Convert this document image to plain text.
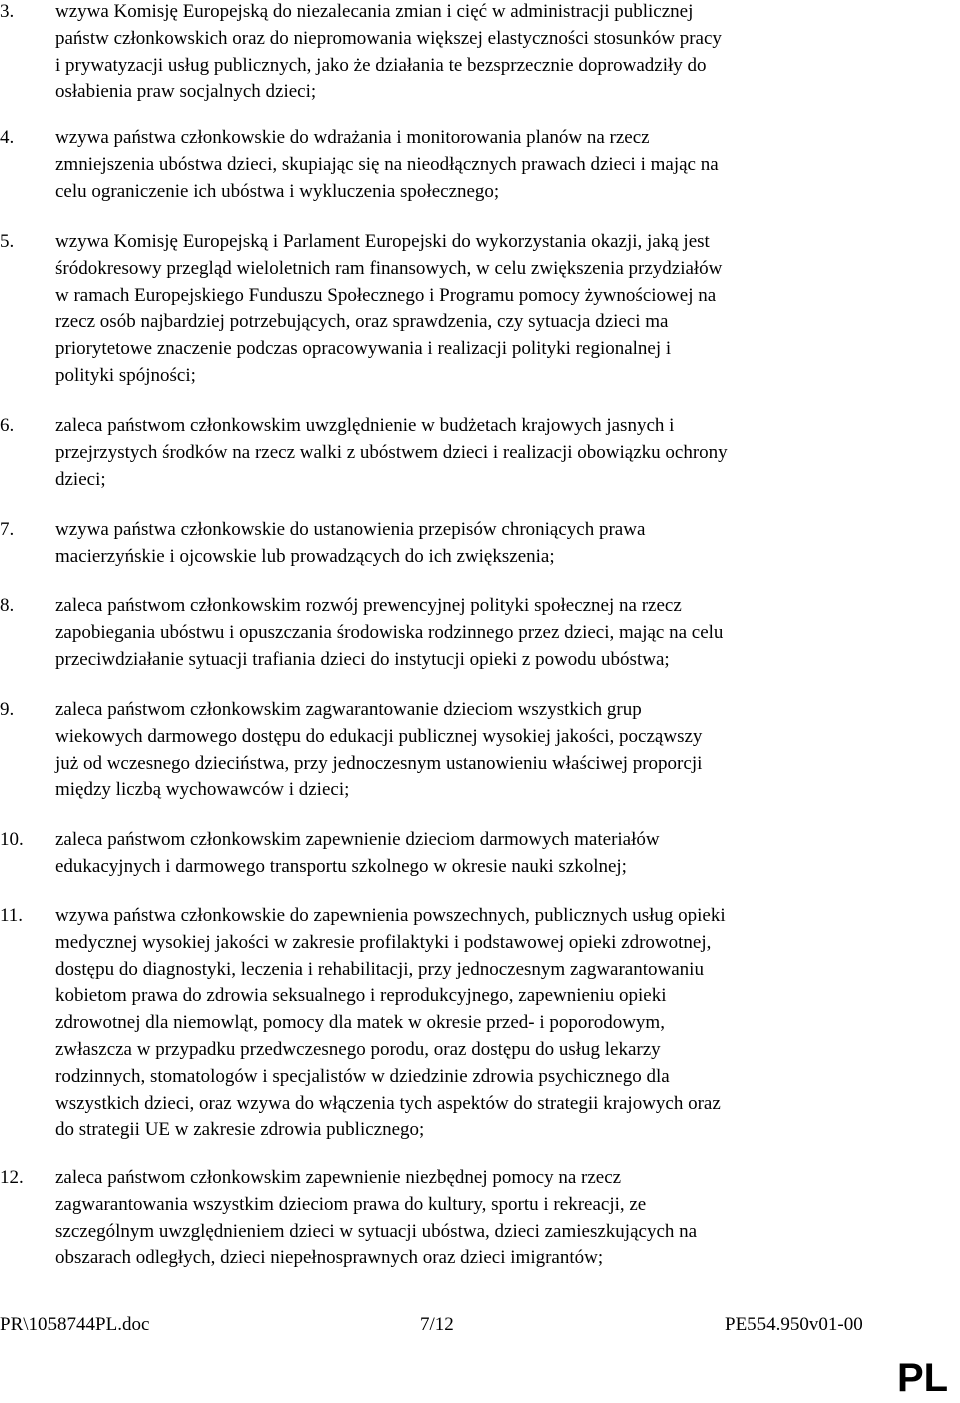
3. wzywa Komisję Europejską do niezalecania zmian i cięć w administracji publicznej
państw członkowskich oraz do niepromowania większej elastyczności stosunków pracy
i prywatyzacji usług publicznych, jako że działania te bezsprzecznie doprowadziły do
osłabienia praw socjalnych dzieci;
4. wzywa państwa członkowskie do wdrażania i monitorowania planów na rzecz
zmniejszenia ubóstwa dzieci, skupiając się na nieodłącznych prawach dzieci i mając na
celu ograniczenie ich ubóstwa i wykluczenia społecznego;
5. wzywa Komisję Europejską i Parlament Europejski do wykorzystania okazji, jaką jest
śródokresowy przegląd wieloletnich ram finansowych, w celu zwiększenia przydziałów
w ramach Europejskiego Funduszu Społecznego i Programu pomocy żywnościowej na
rzecz osób najbardziej potrzebujących, oraz sprawdzenia, czy sytuacja dzieci ma
priorytetowe znaczenie podczas opracowywania i realizacji polityki regionalnej i
polityki spójności;
6. zaleca państwom członkowskim uwzględnienie w budżetach krajowych jasnych i
przejrzystych środków na rzecz walki z ubóstwem dzieci i realizacji obowiązku ochrony
dzieci;
7. wzywa państwa członkowskie do ustanowienia przepisów chroniących prawa
macierzyńskie i ojcowskie lub prowadzących do ich zwiększenia;
8. zaleca państwom członkowskim rozwój prewencyjnej polityki społecznej na rzecz
zapobiegania ubóstwu i opuszczania środowiska rodzinnego przez dzieci, mając na celu
przeciwdziałanie sytuacji trafiania dzieci do instytucji opieki z powodu ubóstwa;
9. zaleca państwom członkowskim zagwarantowanie dzieciom wszystkich grup
wiekowych darmowego dostępu do edukacji publicznej wysokiej jakości, począwszy
już od wczesnego dzieciństwa, przy jednoczesnym ustanowieniu właściwej proporcji
między liczbą wychowawców i dzieci;
10. zaleca państwom członkowskim zapewnienie dzieciom darmowych materiałów
edukacyjnych i darmowego transportu szkolnego w okresie nauki szkolnej;
11. wzywa państwa członkowskie do zapewnienia powszechnych, publicznych usług opieki
medycznej wysokiej jakości w zakresie profilaktyki i podstawowej opieki zdrowotnej,
dostępu do diagnostyki, leczenia i rehabilitacji, przy jednoczesnym zagwarantowaniu
kobietom prawa do zdrowia seksualnego i reprodukcyjnego, zapewnieniu opieki
zdrowotnej dla niemowląt, pomocy dla matek w okresie przed- i poporodowym,
zwłaszcza w przypadku przedwczesnego porodu, oraz dostępu do usług lekarzy
rodzinnych, stomatologów i specjalistów w dziedzinie zdrowia psychicznego dla
wszystkich dzieci, oraz wzywa do włączenia tych aspektów do strategii krajowych oraz
do strategii UE w zakresie zdrowia publicznego;
12. zaleca państwom członkowskim zapewnienie niezbędnej pomocy na rzecz
zagwarantowania wszystkim dzieciom prawa do kultury, sportu i rekreacji, ze
szczególnym uwzględnieniem dzieci w sytuacji ubóstwa, dzieci zamieszkujących na
obszarach odległych, dzieci niepełnosprawnych oraz dzieci imigrantów;
PR\1058744PL.doc	7/12	PE554.950v01-00
PL
